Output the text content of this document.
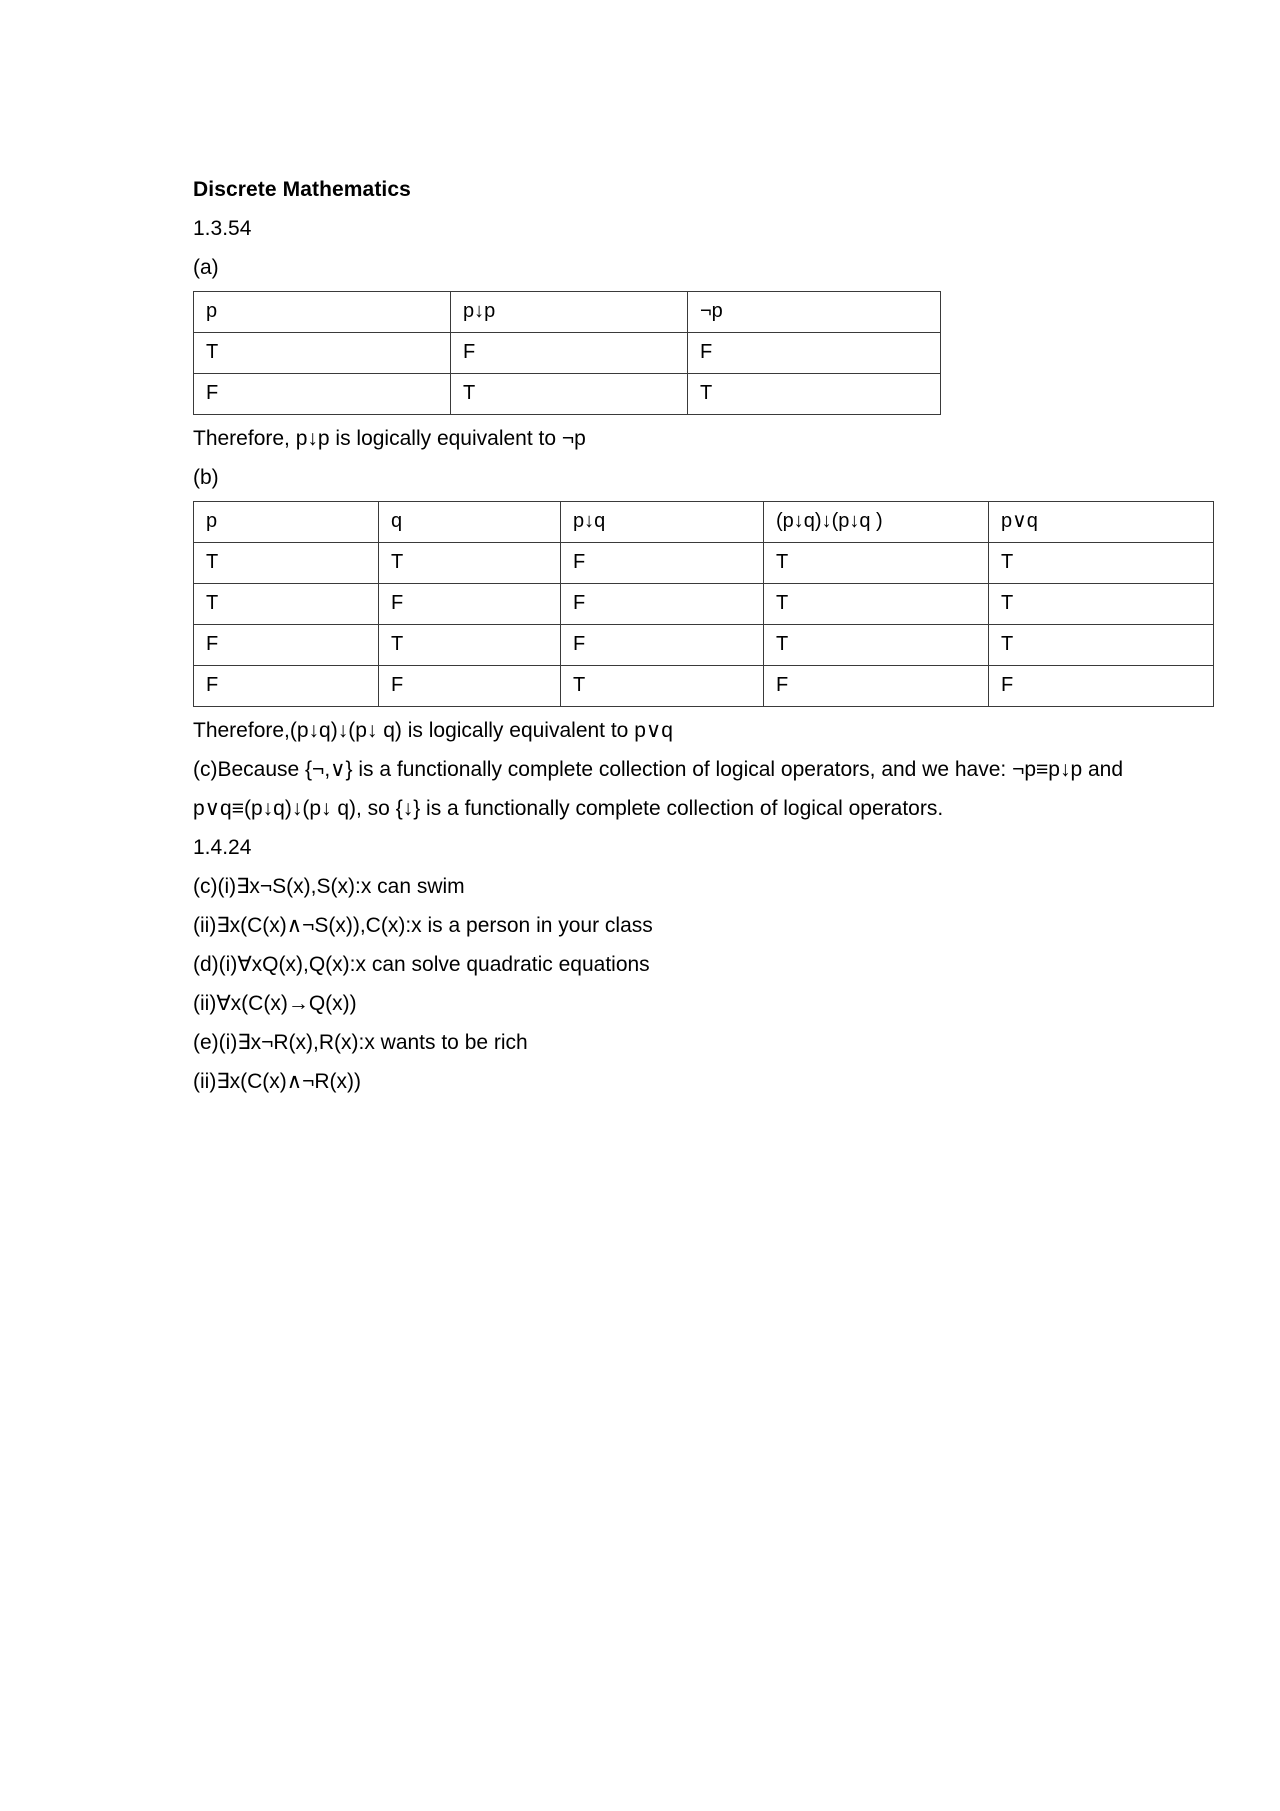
Discrete Mathematics
1.3.54
(a)
p	p↓p	¬p
T	F	F
F	T	T
Therefore, p↓p is logically equivalent to ¬p
(b)
p	q	p↓q	(p↓q)↓(p↓q )	p∨q
T	T	F	T	T
T	F	F	T	T
F	T	F	T	T
F	F	T	F	F
Therefore,(p↓q)↓(p↓ q) is logically equivalent to p∨q
(c)Because {¬,∨} is a functionally complete collection of logical operators, and we have: ¬p≡p↓p and p∨q≡(p↓q)↓(p↓ q), so {↓} is a functionally complete collection of logical operators.
1.4.24
(c)(i)∃x¬S(x),S(x):x can swim
(ii)∃x(C(x)∧¬S(x)),C(x):x is a person in your class
(d)(i)∀xQ(x),Q(x):x can solve quadratic equations
(ii)∀x(C(x)→Q(x))
(e)(i)∃x¬R(x),R(x):x wants to be rich
(ii)∃x(C(x)∧¬R(x))
